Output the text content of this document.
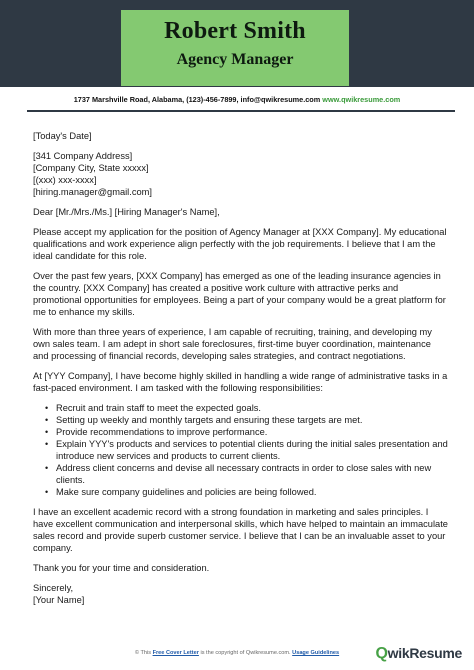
Robert Smith
Agency Manager
1737 Marshville Road, Alabama, (123)-456-7899, info@qwikresume.com www.qwikresume.com

[Today's Date]

[341 Company Address]
[Company City, State xxxxx]
[(xxx) xxx-xxxx]
[hiring.manager@gmail.com]

Dear [Mr./Mrs./Ms.] [Hiring Manager's Name],

Please accept my application for the position of Agency Manager at [XXX Company]. My educational qualifications and work experience align perfectly with the job requirements. I believe that I am the ideal candidate for this role.

Over the past few years, [XXX Company] has emerged as one of the leading insurance agencies in the country. [XXX Company] has created a positive work culture with attractive perks and promotional opportunities for employees. Being a part of your company would be a great platform for me to enhance my skills.

With more than three years of experience, I am capable of recruiting, training, and developing my own sales team. I am adept in short sale foreclosures, first-time buyer coordination, maintenance and processing of financial records, developing sales strategies, and contract negotiations.

At [YYY Company], I have become highly skilled in handling a wide range of administrative tasks in a fast-paced environment. I am tasked with the following responsibilities:

• Recruit and train staff to meet the expected goals.
• Setting up weekly and monthly targets and ensuring these targets are met.
• Provide recommendations to improve performance.
• Explain YYY's products and services to potential clients during the initial sales presentation and introduce new services and products to current clients.
• Address client concerns and devise all necessary contracts in order to close sales with new clients.
• Make sure company guidelines and policies are being followed.

I have an excellent academic record with a strong foundation in marketing and sales principles. I have excellent communication and interpersonal skills, which have helped to maintain an immaculate sales record and provide superb customer service. I believe that I can be an invaluable asset to your company.

Thank you for your time and consideration.

Sincerely,
[Your Name]
© This Free Cover Letter is the copyright of Qwikresume.com. Usage Guidelines	QwikResume
